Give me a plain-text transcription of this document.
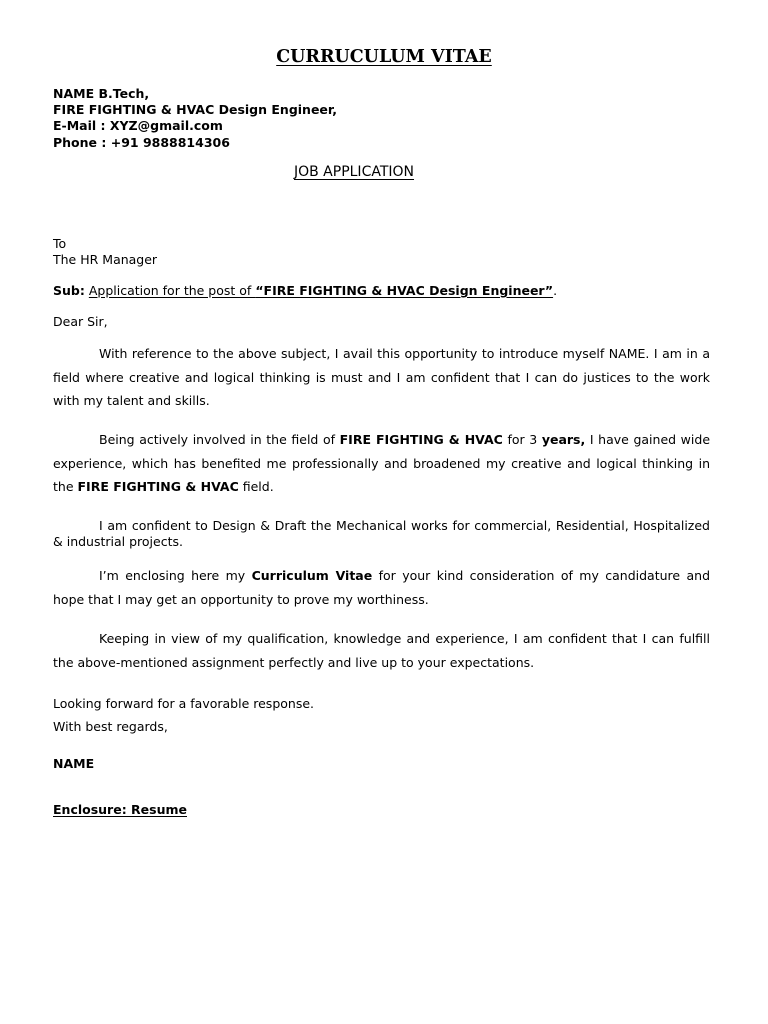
CURRUCULUM VITAE
NAME B.Tech,
FIRE FIGHTING & HVAC Design Engineer,
E-Mail : XYZ@gmail.com
Phone : +91 9888814306
JOB APPLICATION
To
The HR Manager
Sub: Application for the post of “FIRE FIGHTING & HVAC Design Engineer”.
Dear Sir,
With reference to the above subject, I avail this opportunity to introduce myself NAME. I am in a field where creative and logical thinking is must and I am confident that I can do justices to the work with my talent and skills.
Being actively involved in the field of FIRE FIGHTING & HVAC for 3 years, I have gained wide experience, which has benefited me professionally and broadened my creative and logical thinking in the FIRE FIGHTING & HVAC field.
I am confident to Design & Draft the Mechanical works for commercial, Residential, Hospitalized & industrial projects.
I’m enclosing here my Curriculum Vitae for your kind consideration of my candidature and hope that I may get an opportunity to prove my worthiness.
Keeping in view of my qualification, knowledge and experience, I am confident that I can fulfill the above-mentioned assignment perfectly and live up to your expectations.
Looking forward for a favorable response.
With best regards,
NAME
Enclosure: Resume
